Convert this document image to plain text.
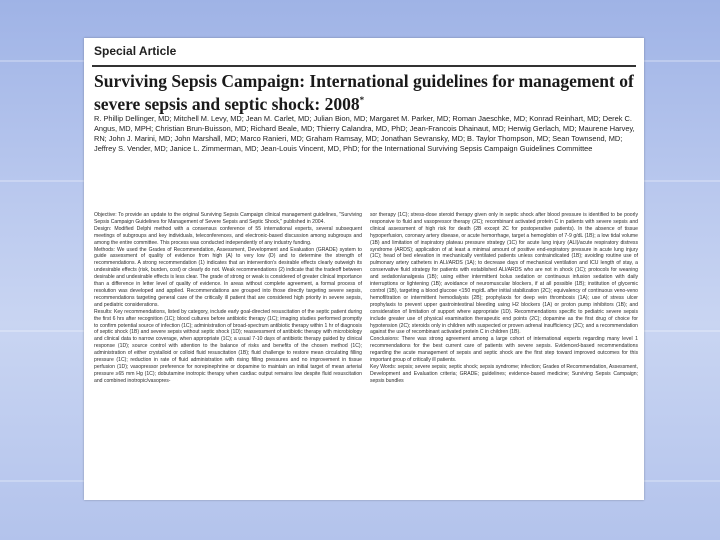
Special Article
Surviving Sepsis Campaign: International guidelines for management of severe sepsis and septic shock: 2008*
R. Phillip Dellinger, MD; Mitchell M. Levy, MD; Jean M. Carlet, MD; Julian Bion, MD; Margaret M. Parker, MD; Roman Jaeschke, MD; Konrad Reinhart, MD; Derek C. Angus, MD, MPH; Christian Brun-Buisson, MD; Richard Beale, MD; Thierry Calandra, MD, PhD; Jean-Francois Dhainaut, MD; Herwig Gerlach, MD; Maurene Harvey, RN; John J. Marini, MD; John Marshall, MD; Marco Ranieri, MD; Graham Ramsay, MD; Jonathan Sevransky, MD; B. Taylor Thompson, MD; Sean Townsend, MD; Jeffrey S. Vender, MD; Janice L. Zimmerman, MD; Jean-Louis Vincent, MD, PhD; for the International Surviving Sepsis Campaign Guidelines Committee
Objective: To provide an update to the original Surviving Sepsis Campaign clinical management guidelines, "Surviving Sepsis Campaign Guidelines for Management of Severe Sepsis and Septic Shock," published in 2004.
Design: Modified Delphi method with a consensus conference of 55 international experts, several subsequent meetings of subgroups and key individuals, teleconferences, and electronic-based discussion among subgroups and among the entire committee. This process was conducted independently of any industry funding.
Methods: We used the Grades of Recommendation, Assessment, Development and Evaluation (GRADE) system to guide assessment of quality of evidence from high (A) to very low (D) and to determine the strength of recommendations. A strong recommendation (1) indicates that an intervention's desirable effects clearly outweigh its undesirable effects (risk, burden, cost) or clearly do not. Weak recommendations (2) indicate that the tradeoff between desirable and undesirable effects is less clear. The grade of strong or weak is considered of greater clinical importance than a difference in letter level of quality of evidence. In areas without complete agreement, a formal process of resolution was developed and applied. Recommendations are grouped into those directly targeting severe sepsis, recommendations targeting general care of the critically ill patient that are considered high priority in severe sepsis, and pediatric considerations.
Results: Key recommendations, listed by category, include early goal-directed resuscitation of the septic patient during the first 6 hrs after recognition (1C); blood cultures before antibiotic therapy (1C); imaging studies performed promptly to confirm potential source of infection (1C); administration of broad-spectrum antibiotic therapy within 1 hr of diagnosis of septic shock (1B) and severe sepsis without septic shock (1D); reassessment of antibiotic therapy with microbiology and clinical data to narrow coverage, when appropriate (1C); a usual 7-10 days of antibiotic therapy guided by clinical response (1D); source control with attention to the balance of risks and benefits of the chosen method (1C); administration of either crystalloid or colloid fluid resuscitation (1B); fluid challenge to restore mean circulating filling pressure (1C); reduction in rate of fluid administration with rising filling pressures and no improvement in tissue perfusion (1D); vasopressor preference for norepinephrine or dopamine to maintain an initial target of mean arterial pressure ≥65 mm Hg (1C); dobutamine inotropic therapy when cardiac output remains low despite fluid resuscitation and combined inotropic/vasopres-
sor therapy (1C); stress-dose steroid therapy given only in septic shock after blood pressure is identified to be poorly responsive to fluid and vasopressor therapy (2C); recombinant activated protein C in patients with severe sepsis and clinical assessment of high risk for death (2B except 2C for postoperative patients). In the absence of tissue hypoperfusion, coronary artery disease, or acute hemorrhage, target a hemoglobin of 7-9 g/dL (1B); a low tidal volume (1B) and limitation of inspiratory plateau pressure strategy (1C) for acute lung injury (ALI)/acute respiratory distress syndrome (ARDS); application of at least a minimal amount of positive end-expiratory pressure in acute lung injury (1C); head of bed elevation in mechanically ventilated patients unless contraindicated (1B); avoiding routine use of pulmonary artery catheters in ALI/ARDS (1A); to decrease days of mechanical ventilation and ICU length of stay, a conservative fluid strategy for patients with established ALI/ARDS who are not in shock (1C); protocols for weaning and sedation/analgesia (1B); using either intermittent bolus sedation or continuous infusion sedation with daily interruptions or lightening (1B); avoidance of neuromuscular blockers, if at all possible (1B); institution of glycemic control (1B), targeting a blood glucose <150 mg/dL after initial stabilization (2C); equivalency of continuous veno-veno hemofiltration or intermittent hemodialysis (2B); prophylaxis for deep vein thrombosis (1A); use of stress ulcer prophylaxis to prevent upper gastrointestinal bleeding using H2 blockers (1A) or proton pump inhibitors (1B); and consideration of limitation of support where appropriate (1D). Recommendations specific to pediatric severe sepsis include greater use of physical examination therapeutic end points (2C); dopamine as the first drug of choice for hypotension (2C); steroids only in children with suspected or proven adrenal insufficiency (2C); and a recommendation against the use of recombinant activated protein C in children (1B).
Conclusions: There was strong agreement among a large cohort of international experts regarding many level 1 recommendations for the best current care of patients with severe sepsis. Evidenced-based recommendations regarding the acute management of sepsis and septic shock are the first step toward improved outcomes for this important group of critically ill patients.
Key Words: sepsis; severe sepsis; septic shock; sepsis syndrome; infection; Grades of Recommendation, Assessment, Development and Evaluation criteria; GRADE; guidelines; evidence-based medicine; Surviving Sepsis Campaign; sepsis bundles
